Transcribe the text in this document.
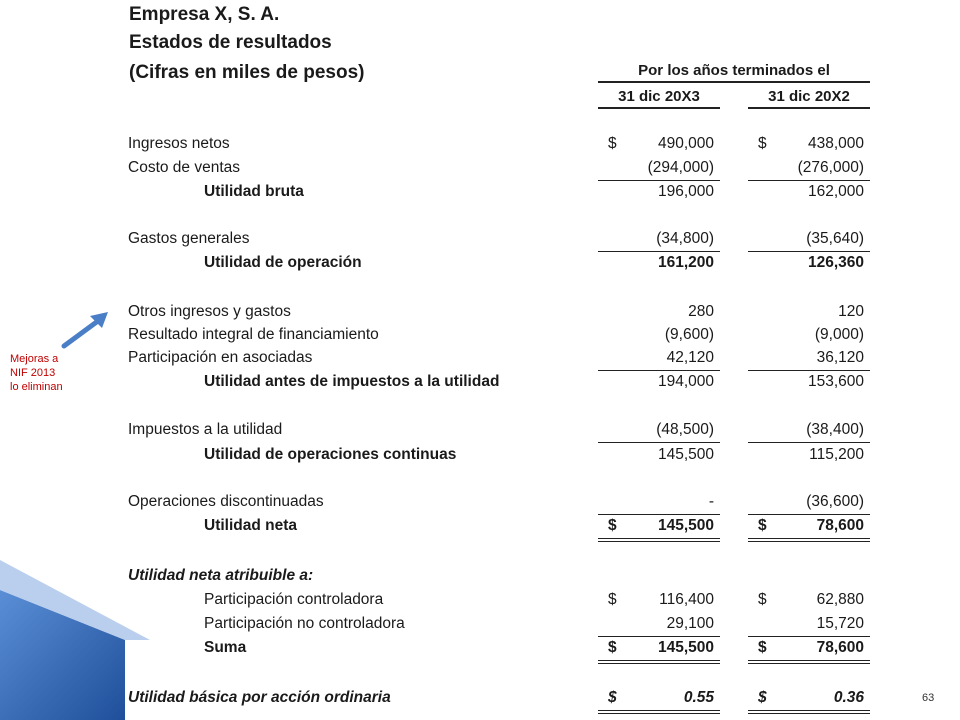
Mejoras a
NIF 2013
lo eliminan
Empresa X, S. A.
Estados de resultados
(Cifras en miles de pesos)	Por los años terminados el
31 dic 20X3	31 dic 20X2
Ingresos netos	$	490,000	$	438,000
Costo de ventas	(294,000)	(276,000)
Utilidad bruta	196,000	162,000
Gastos generales	(34,800)	(35,640)
Utilidad de operación	161,200	126,360
Otros ingresos y gastos	280	120
Resultado integral de financiamiento	(9,600)	(9,000)
Participación en asociadas	42,120	36,120
Utilidad antes de impuestos a la utilidad	194,000	153,600
Impuestos a la utilidad	(48,500)	(38,400)
Utilidad de operaciones continuas	145,500	115,200
Operaciones discontinuadas	-	(36,600)
Utilidad neta	$	145,500	$	78,600
Utilidad neta atribuible a:
Participación controladora	$	116,400	$	62,880
Participación no controladora	29,100	15,720
Suma	$	145,500	$	78,600
Utilidad básica por acción ordinaria	$	0.55	$	0.36	63
